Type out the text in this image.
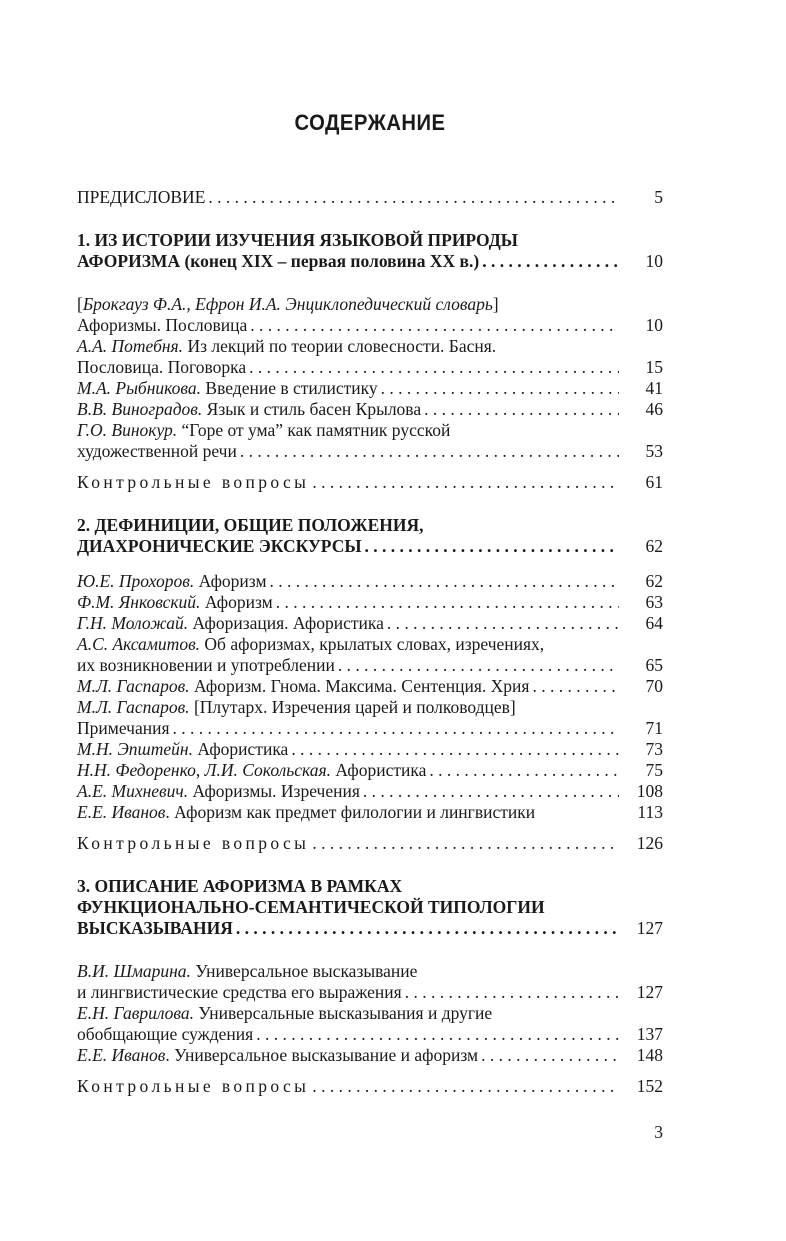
СОДЕРЖАНИЕ
ПРЕДИСЛОВИЕ . . .	5
1. ИЗ ИСТОРИИ ИЗУЧЕНИЯ ЯЗЫКОВОЙ ПРИРОДЫ
АФОРИЗМА (конец XIX – первая половина XX в.) . . .	10
[Брокгауз Ф.А., Ефрон И.А. Энциклопедический словарь]
Афоризмы. Пословица . . .	10
А.А. Потебня. Из лекций по теории словесности. Басня.
Пословица. Поговорка . . .	15
М.А. Рыбникова. Введение в стилистику . . .	41
В.В. Виноградов. Язык и стиль басен Крылова . . .	46
Г.О. Винокур. “Горе от ума” как памятник русской
художественной речи . . .	53
Контрольные вопросы . . .	61
2. ДЕФИНИЦИИ, ОБЩИЕ ПОЛОЖЕНИЯ,
ДИАХРОНИЧЕСКИЕ ЭКСКУРСЫ . . .	62
Ю.Е. Прохоров. Афоризм . . .	62
Ф.М. Янковский. Афоризм . . .	63
Г.Н. Моложай. Афоризация. Афористика . . .	64
А.С. Аксамитов. Об афоризмах, крылатых словах, изречениях,
их возникновении и употреблении . . .	65
М.Л. Гаспаров. Афоризм. Гнома. Максима. Сентенция. Хрия . . .	70
М.Л. Гаспаров. [Плутарх. Изречения царей и полководцев]
Примечания . . .	71
М.Н. Эпштейн. Афористика . . .	73
Н.Н. Федоренко, Л.И. Сокольская. Афористика . . .	75
А.Е. Михневич. Афоризмы. Изречения . . .	108
Е.Е. Иванов. Афоризм как предмет филологии и лингвистики	113
Контрольные вопросы . . .	126
3. ОПИСАНИЕ АФОРИЗМА В РАМКАХ
ФУНКЦИОНАЛЬНО-СЕМАНТИЧЕСКОЙ ТИПОЛОГИИ
ВЫСКАЗЫВАНИЯ . . .	127
В.И. Шмарина. Универсальное высказывание
и лингвистические средства его выражения . . .	127
Е.Н. Гаврилова. Универсальные высказывания и другие
обобщающие суждения . . .	137
Е.Е. Иванов. Универсальное высказывание и афоризм . . .	148
Контрольные вопросы . . .	152
3
